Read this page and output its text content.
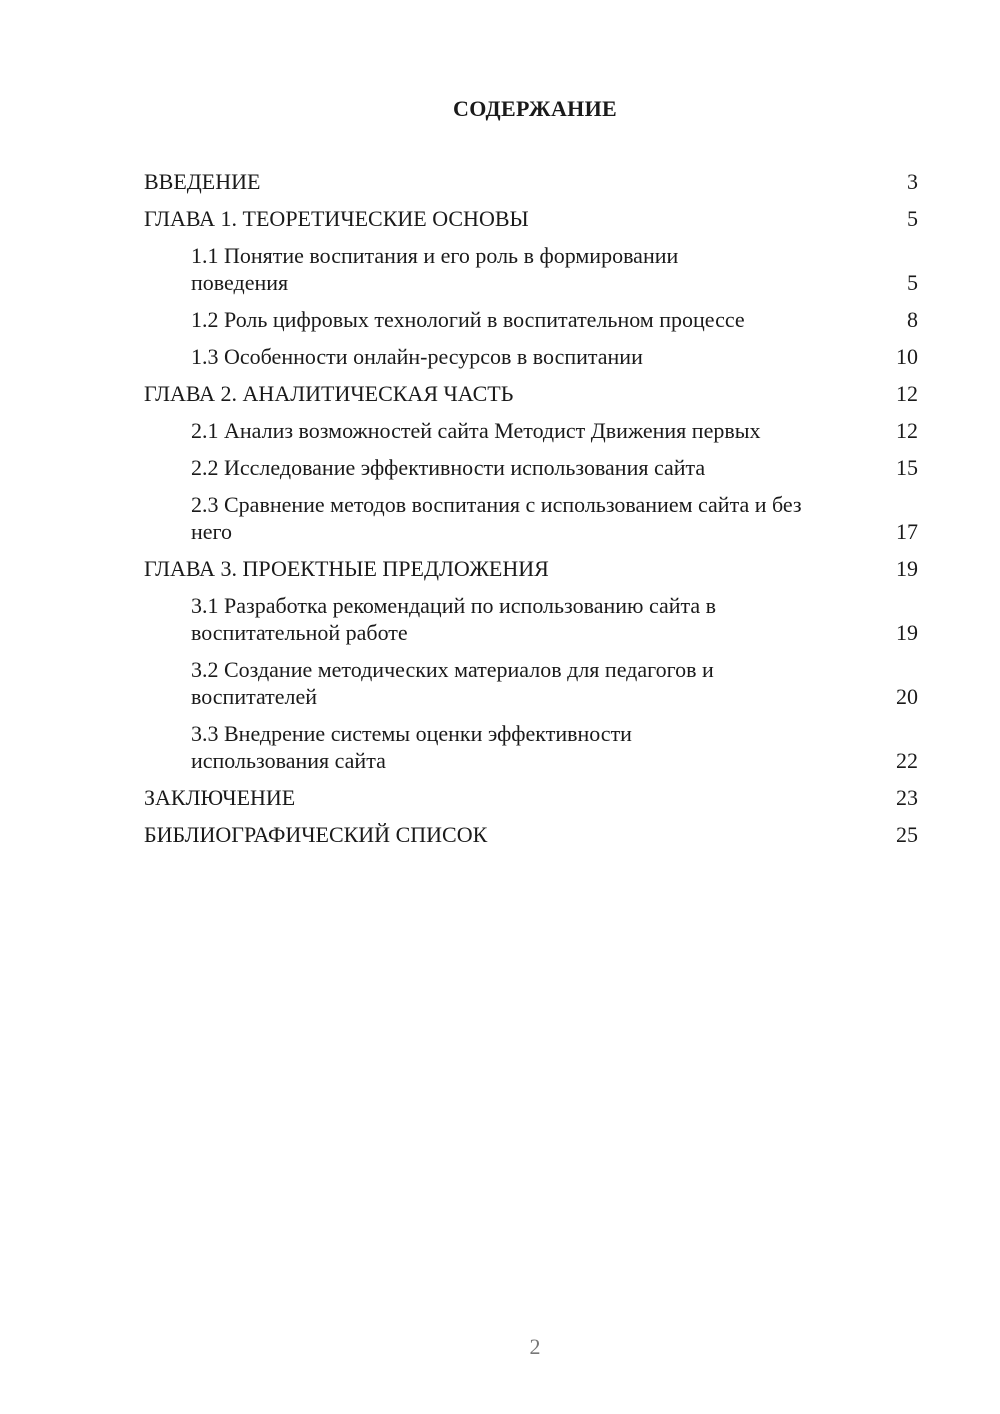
СОДЕРЖАНИЕ
ВВЕДЕНИЕ	3
ГЛАВА 1. ТЕОРЕТИЧЕСКИЕ ОСНОВЫ	5
1.1 Понятие воспитания и его роль в формировании поведения	5
1.2 Роль цифровых технологий в воспитательном процессе	8
1.3 Особенности онлайн-ресурсов в воспитании	10
ГЛАВА 2. АНАЛИТИЧЕСКАЯ ЧАСТЬ	12
2.1 Анализ возможностей сайта Методист Движения первых	12
2.2 Исследование эффективности использования сайта	15
2.3 Сравнение методов воспитания с использованием сайта и без него	17
ГЛАВА 3. ПРОЕКТНЫЕ ПРЕДЛОЖЕНИЯ	19
3.1 Разработка рекомендаций по использованию сайта в воспитательной работе	19
3.2 Создание методических материалов для педагогов и воспитателей	20
3.3 Внедрение системы оценки эффективности использования сайта	22
ЗАКЛЮЧЕНИЕ	23
БИБЛИОГРАФИЧЕСКИЙ СПИСОК	25
2
